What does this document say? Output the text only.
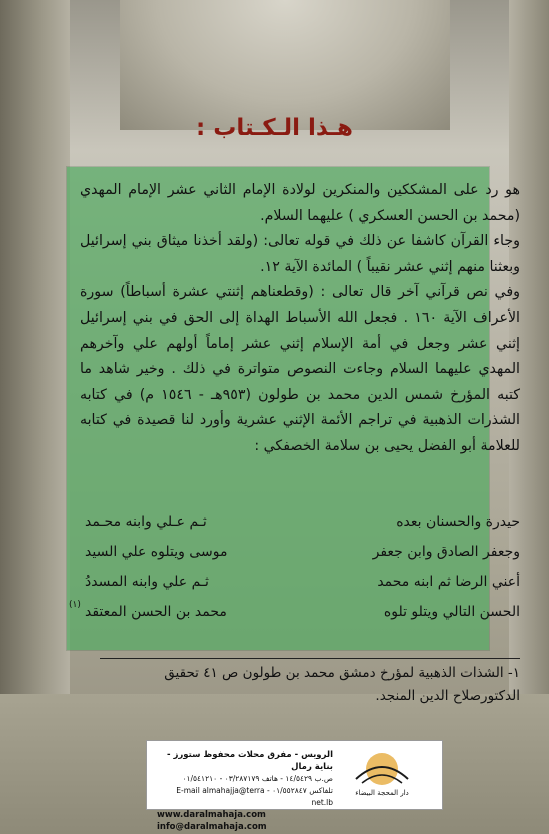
هـذا الـكـتاب :

هو رد على المشككين والمنكرين لولادة الإمام الثاني عشر الإمام المهدي (محمد بن الحسن العسكري ) عليهما السلام.

وجاء القرآن كاشفا عن ذلك في قوله تعالى: (ولقد أخذنا ميثاق بني إسرائيل وبعثنا منهم إثني عشر نقيباً ) المائدة الآية ١٢.

وفي نص قرآني آخر قال تعالى : (وقطعناهم إثنتي عشرة أسباطاً) سورة الأعراف الآية ١٦٠ . فجعل الله الأسباط الهداة إلى الحق في بني إسرائيل إثني عشر وجعل في أمة الإسلام إثني عشر إماماً أولهم علي وآخرهم المهدي عليهما السلام وجاءت النصوص متواترة في ذلك . وخير شاهد ما كتبه المؤرخ شمس الدين محمد بن طولون (٩٥٣هـ - ١٥٤٦ م) في كتابه الشذرات الذهبية في تراجم الأئمة الإثني عشرية وأورد لنا قصيدة في كتابه للعلامة أبو الفضل يحيى بن سلامة الخصفكي :

حيدرة والحسنان بعده
ثـم عـلي وابنه محـمد
وجعفر الصادق وابن جعفر
موسى ويتلوه علي السيد
أعني الرضا ثم ابنه محمد
ثـم علي وابنه المسددُ
الحسن التالي ويتلو تلوه
محمد بن الحسن المعتقد
(١)
١- الشذات الذهبية لمؤرخ دمشق محمد بن طولون ص ٤١ تحقيق الدكتورصلاح الدين المنجد.
دار المحجة البيضاء
الرويس - مفرق محلات محفوظ ستورز - بناية رمال
ص.ب ١٤/٥٤٢٩ - هاتف ٠٣/٢٨٧١٧٩ - ٠١/٥٤١٢١٠
تلفاكس ٠١/٥٥٢٨٤٧ - E-mail almahajja@terra net.lb
www.daralmahaja.com info@daralmahaja.com
